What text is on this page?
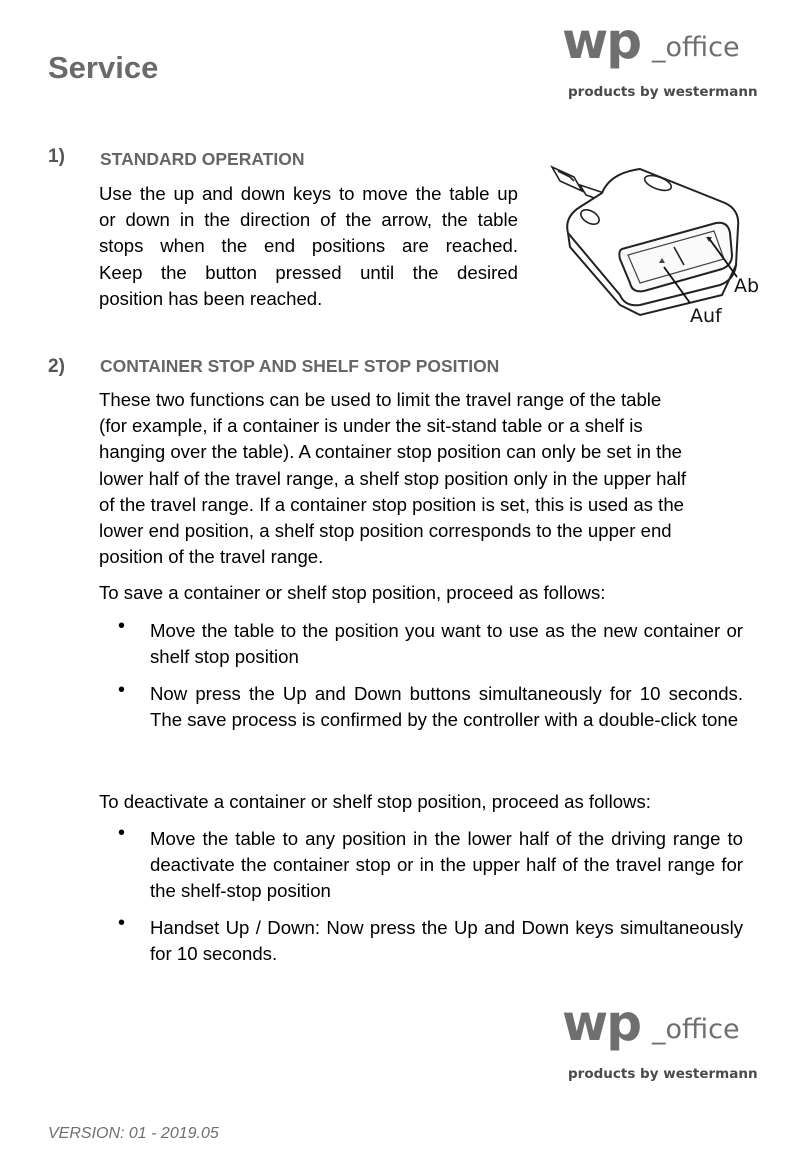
wp _office
products by westermann
Service
1) STANDARD OPERATION
Use the up and down keys to move the table up
or down in the direction of the arrow, the table
stops when the end positions are reached.
Keep the button pressed until the desired
position has been reached.
Ab
Auf
2) CONTAINER STOP AND SHELF STOP POSITION
These two functions can be used to limit the travel range of the table
(for example, if a container is under the sit-stand table or a shelf is
hanging over the table). A container stop position can only be set in the
lower half of the travel range, a shelf stop position only in the upper half
of the travel range. If a container stop position is set, this is used as the
lower end position, a shelf stop position corresponds to the upper end
position of the travel range.

To save a container or shelf stop position, proceed as follows:

• Move the table to the position you want to use as the new container or shelf stop position

• Now press the Up and Down buttons simultaneously for 10 seconds. The save process is confirmed by the controller with a double-click tone

To deactivate a container or shelf stop position, proceed as follows:

• Move the table to any position in the lower half of the driving range to deactivate the container stop or in the upper half of the travel range for the shelf-stop position

• Handset Up / Down: Now press the Up and Down keys simultaneously for 10 seconds.

wp _office
products by westermann
VERSION: 01 - 2019.05
